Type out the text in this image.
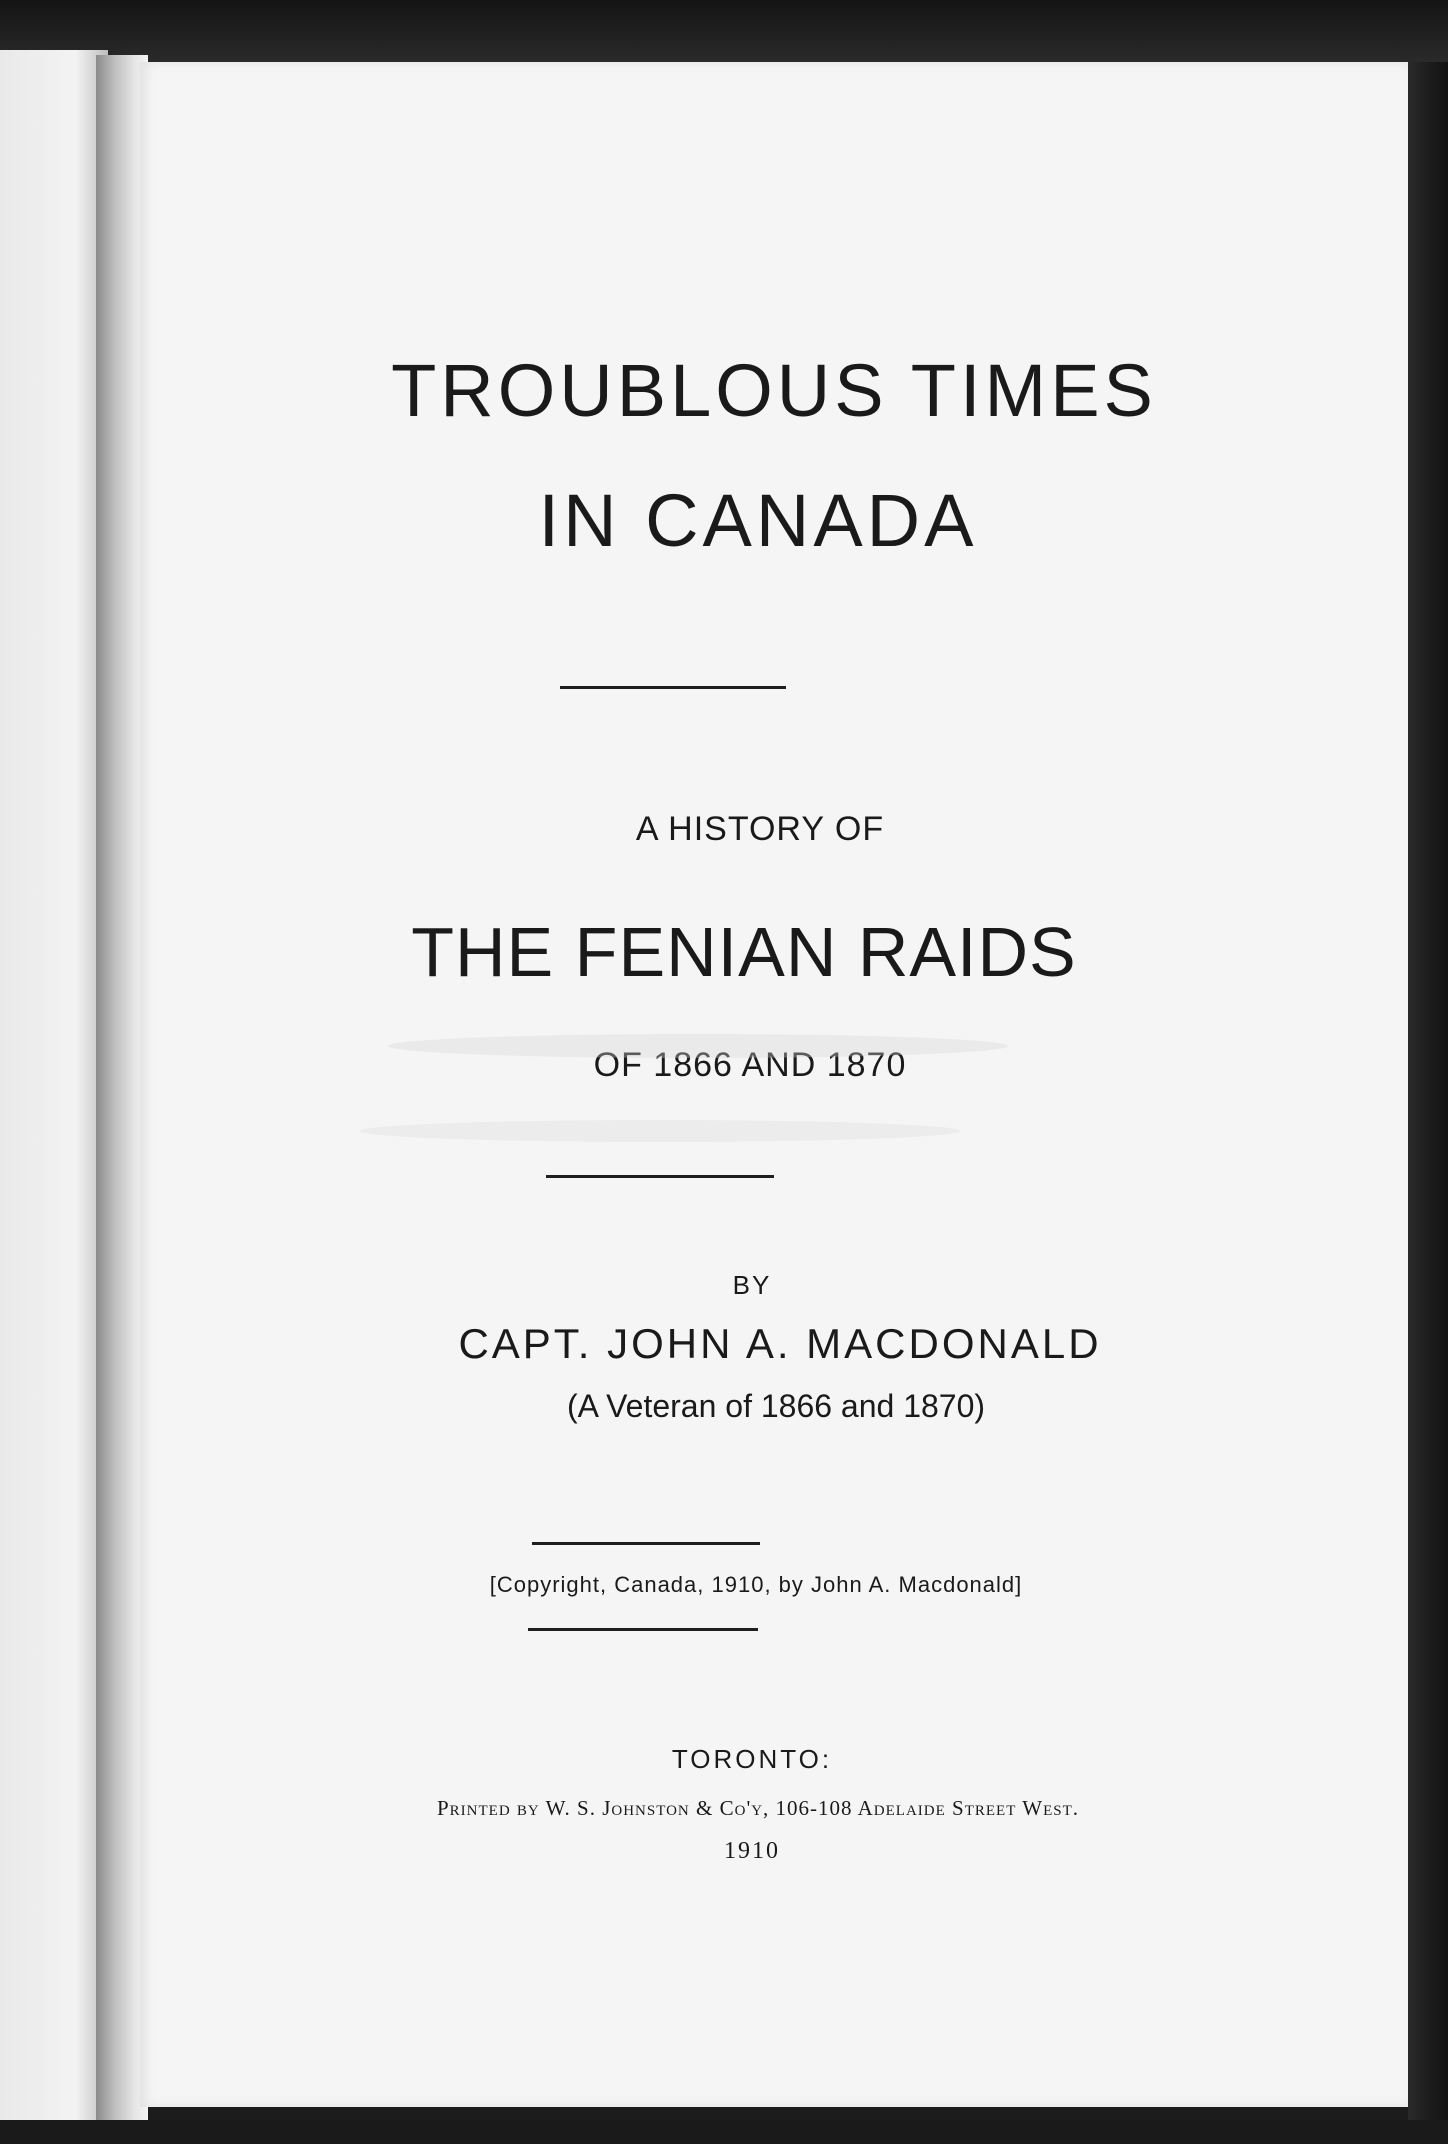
TROUBLOUS TIMES
IN CANADA
A HISTORY OF
THE FENIAN RAIDS
OF 1866 AND 1870
BY
CAPT. JOHN A. MACDONALD
(A Veteran of 1866 and 1870)
[Copyright, Canada, 1910, by John A. Macdonald]
TORONTO:
Printed by W. S. Johnston & Co'y, 106-108 Adelaide Street West.
1910
